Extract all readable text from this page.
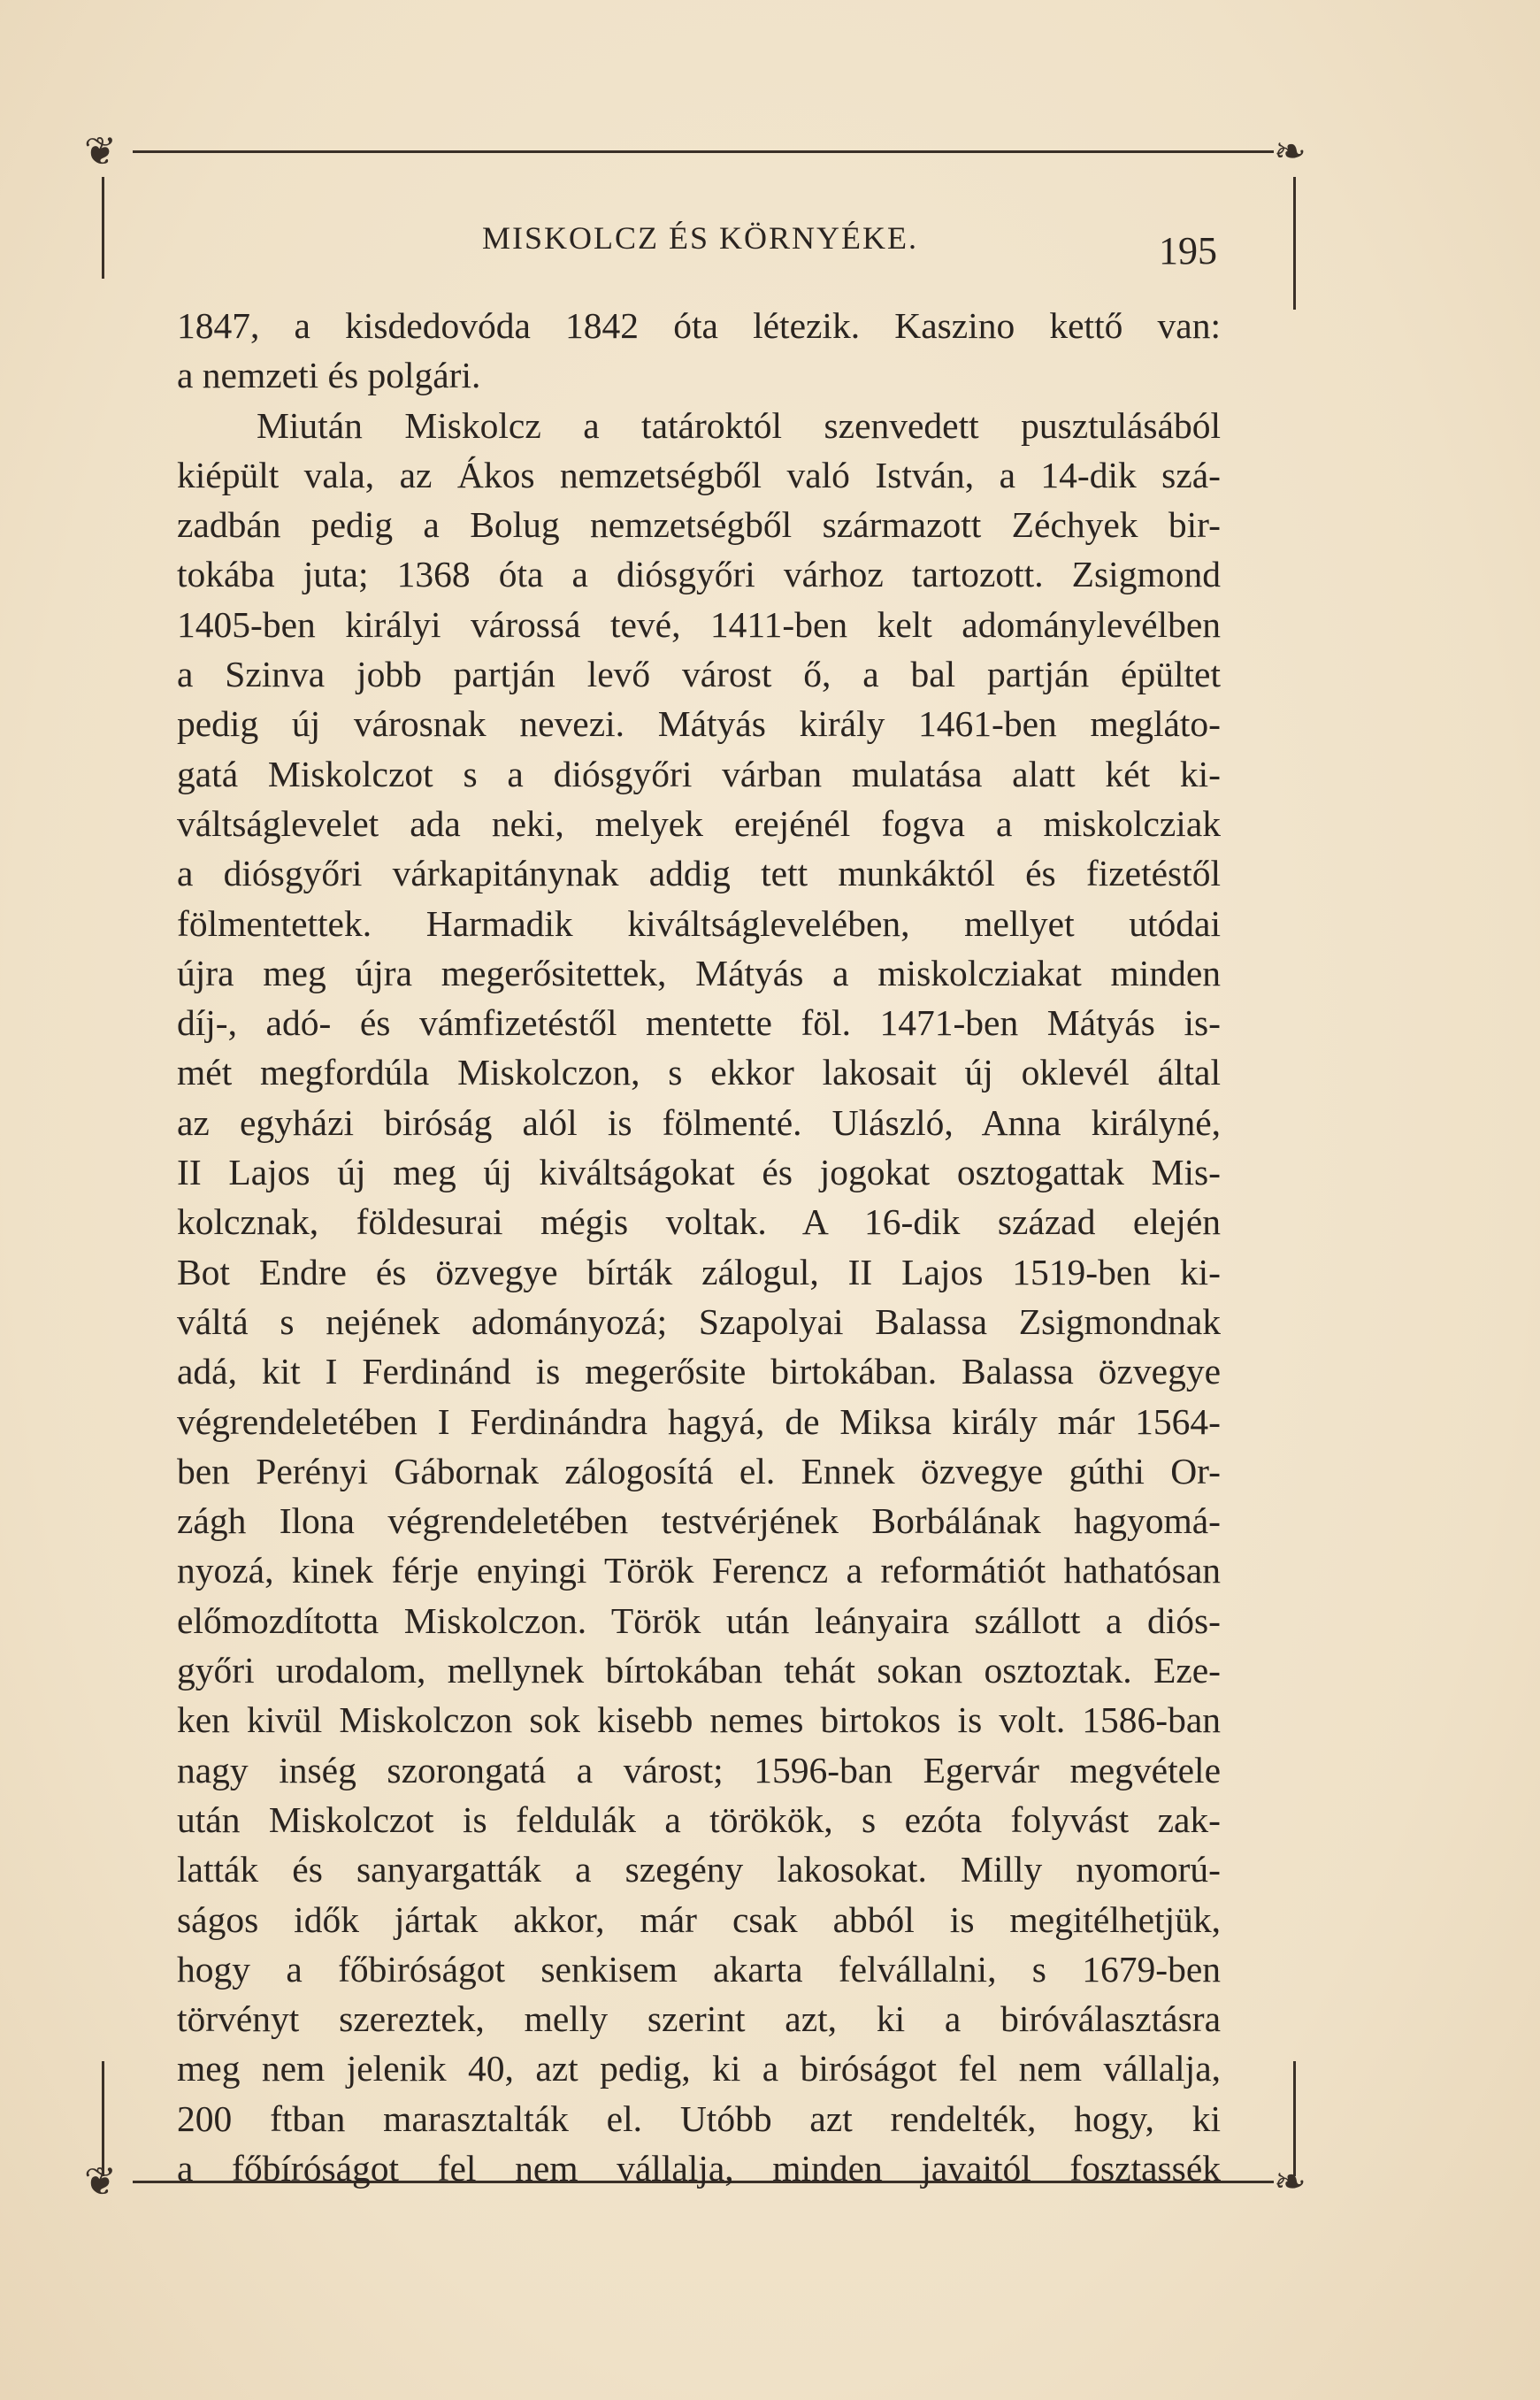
❦	❧
❦	❧
MISKOLCZ ÉS KÖRNYÉKE.	195
1847, a kisdedovóda 1842 óta létezik. Kaszino kettő van:
a nemzeti és polgári.
Miután Miskolcz a tatároktól szenvedett pusztulásából
kiépült vala, az Ákos nemzetségből való István, a 14-dik szá-
zadbán pedig a Bolug nemzetségből származott Zéchyek bir-
tokába juta; 1368 óta a diósgyőri várhoz tartozott. Zsigmond
1405-ben királyi várossá tevé, 1411-ben kelt adománylevélben
a Szinva jobb partján levő várost ő, a bal partján épültet
pedig új városnak nevezi. Mátyás király 1461-ben megláto-
gatá Miskolczot s a diósgyőri várban mulatása alatt két ki-
váltságlevelet ada neki, melyek erejénél fogva a miskolcziak
a diósgyőri várkapitánynak addig tett munkáktól és fizetéstől
fölmentettek. Harmadik kiváltságlevelében, mellyet utódai
újra meg újra megerősitettek, Mátyás a miskolcziakat minden
díj-, adó- és vámfizetéstől mentette föl. 1471-ben Mátyás is-
mét megfordúla Miskolczon, s ekkor lakosait új oklevél által
az egyházi biróság alól is fölmenté. Ulászló, Anna királyné,
II Lajos új meg új kiváltságokat és jogokat osztogattak Mis-
kolcznak, földesurai mégis voltak. A 16-dik század elején
Bot Endre és özvegye bírták zálogul, II Lajos 1519-ben ki-
váltá s nejének adományozá; Szapolyai Balassa Zsigmondnak
adá, kit I Ferdinánd is megerősite birtokában. Balassa özvegye
végrendeletében I Ferdinándra hagyá, de Miksa király már 1564-
ben Perényi Gábornak zálogosítá el. Ennek özvegye gúthi Or-
zágh Ilona végrendeletében testvérjének Borbálának hagyomá-
nyozá, kinek férje enyingi Török Ferencz a reformátiót hathatósan
előmozdította Miskolczon. Török után leányaira szállott a diós-
győri urodalom, mellynek bírtokában tehát sokan osztoztak. Eze-
ken kivül Miskolczon sok kisebb nemes birtokos is volt. 1586-ban
nagy inség szorongatá a várost; 1596-ban Egervár megvétele
után Miskolczot is feldulák a törökök, s ezóta folyvást zak-
latták és sanyargatták a szegény lakosokat. Milly nyomorú-
ságos idők jártak akkor, már csak abból is megitélhetjük,
hogy a főbiróságot senkisem akarta felvállalni, s 1679-ben
törvényt szereztek, melly szerint azt, ki a biróválasztásra
meg nem jelenik 40, azt pedig, ki a biróságot fel nem vállalja,
200 ftban marasztalták el. Utóbb azt rendelték, hogy, ki
a főbíróságot fel nem vállalja, minden javaitól fosztassék
